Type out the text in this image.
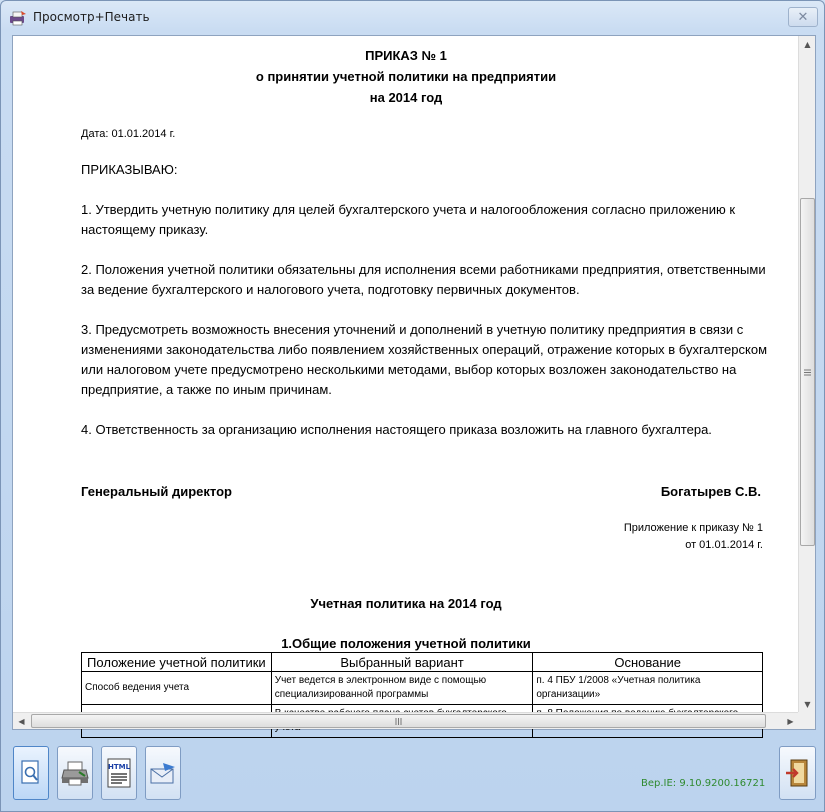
Просмотр+Печать	✕
ПРИКАЗ № 1
о принятии учетной политики на предприятии
на 2014 год
Дата: 01.01.2014 г.
ПРИКАЗЫВАЮ:
1. Утвердить учетную политику для целей бухгалтерского учета и налогообложения согласно приложению к настоящему приказу.
2. Положения учетной политики обязательны для исполнения всеми работниками предприятия, ответственными за ведение бухгалтерского и налогового учета, подготовку первичных документов.
3. Предусмотреть возможность внесения уточнений и дополнений в учетную политику предприятия в связи с изменениями законодательства либо появлением хозяйственных операций, отражение которых в бухгалтерском или налоговом учете предусмотрено несколькими методами, выбор которых возложен законодательство на предприятие, а также по иным причинам.
4. Ответственность за организацию исполнения настоящего приказа возложить на главного бухгалтера.
Генеральный директор	Богатырев С.В.
Приложение к приказу № 1
от 01.01.2014 г.
Учетная политика на 2014 год
1.Общие положения учетной политики
Положение учетной политики	Выбранный вариант	Основание
Способ ведения учета	Учет ведется в электронном виде с помощью специализированной программы	п. 4 ПБУ 1/2008 «Учетная политика организации»

▲
▼
◀	▶
HTML
Вер.IE: 9.10.9200.16721
